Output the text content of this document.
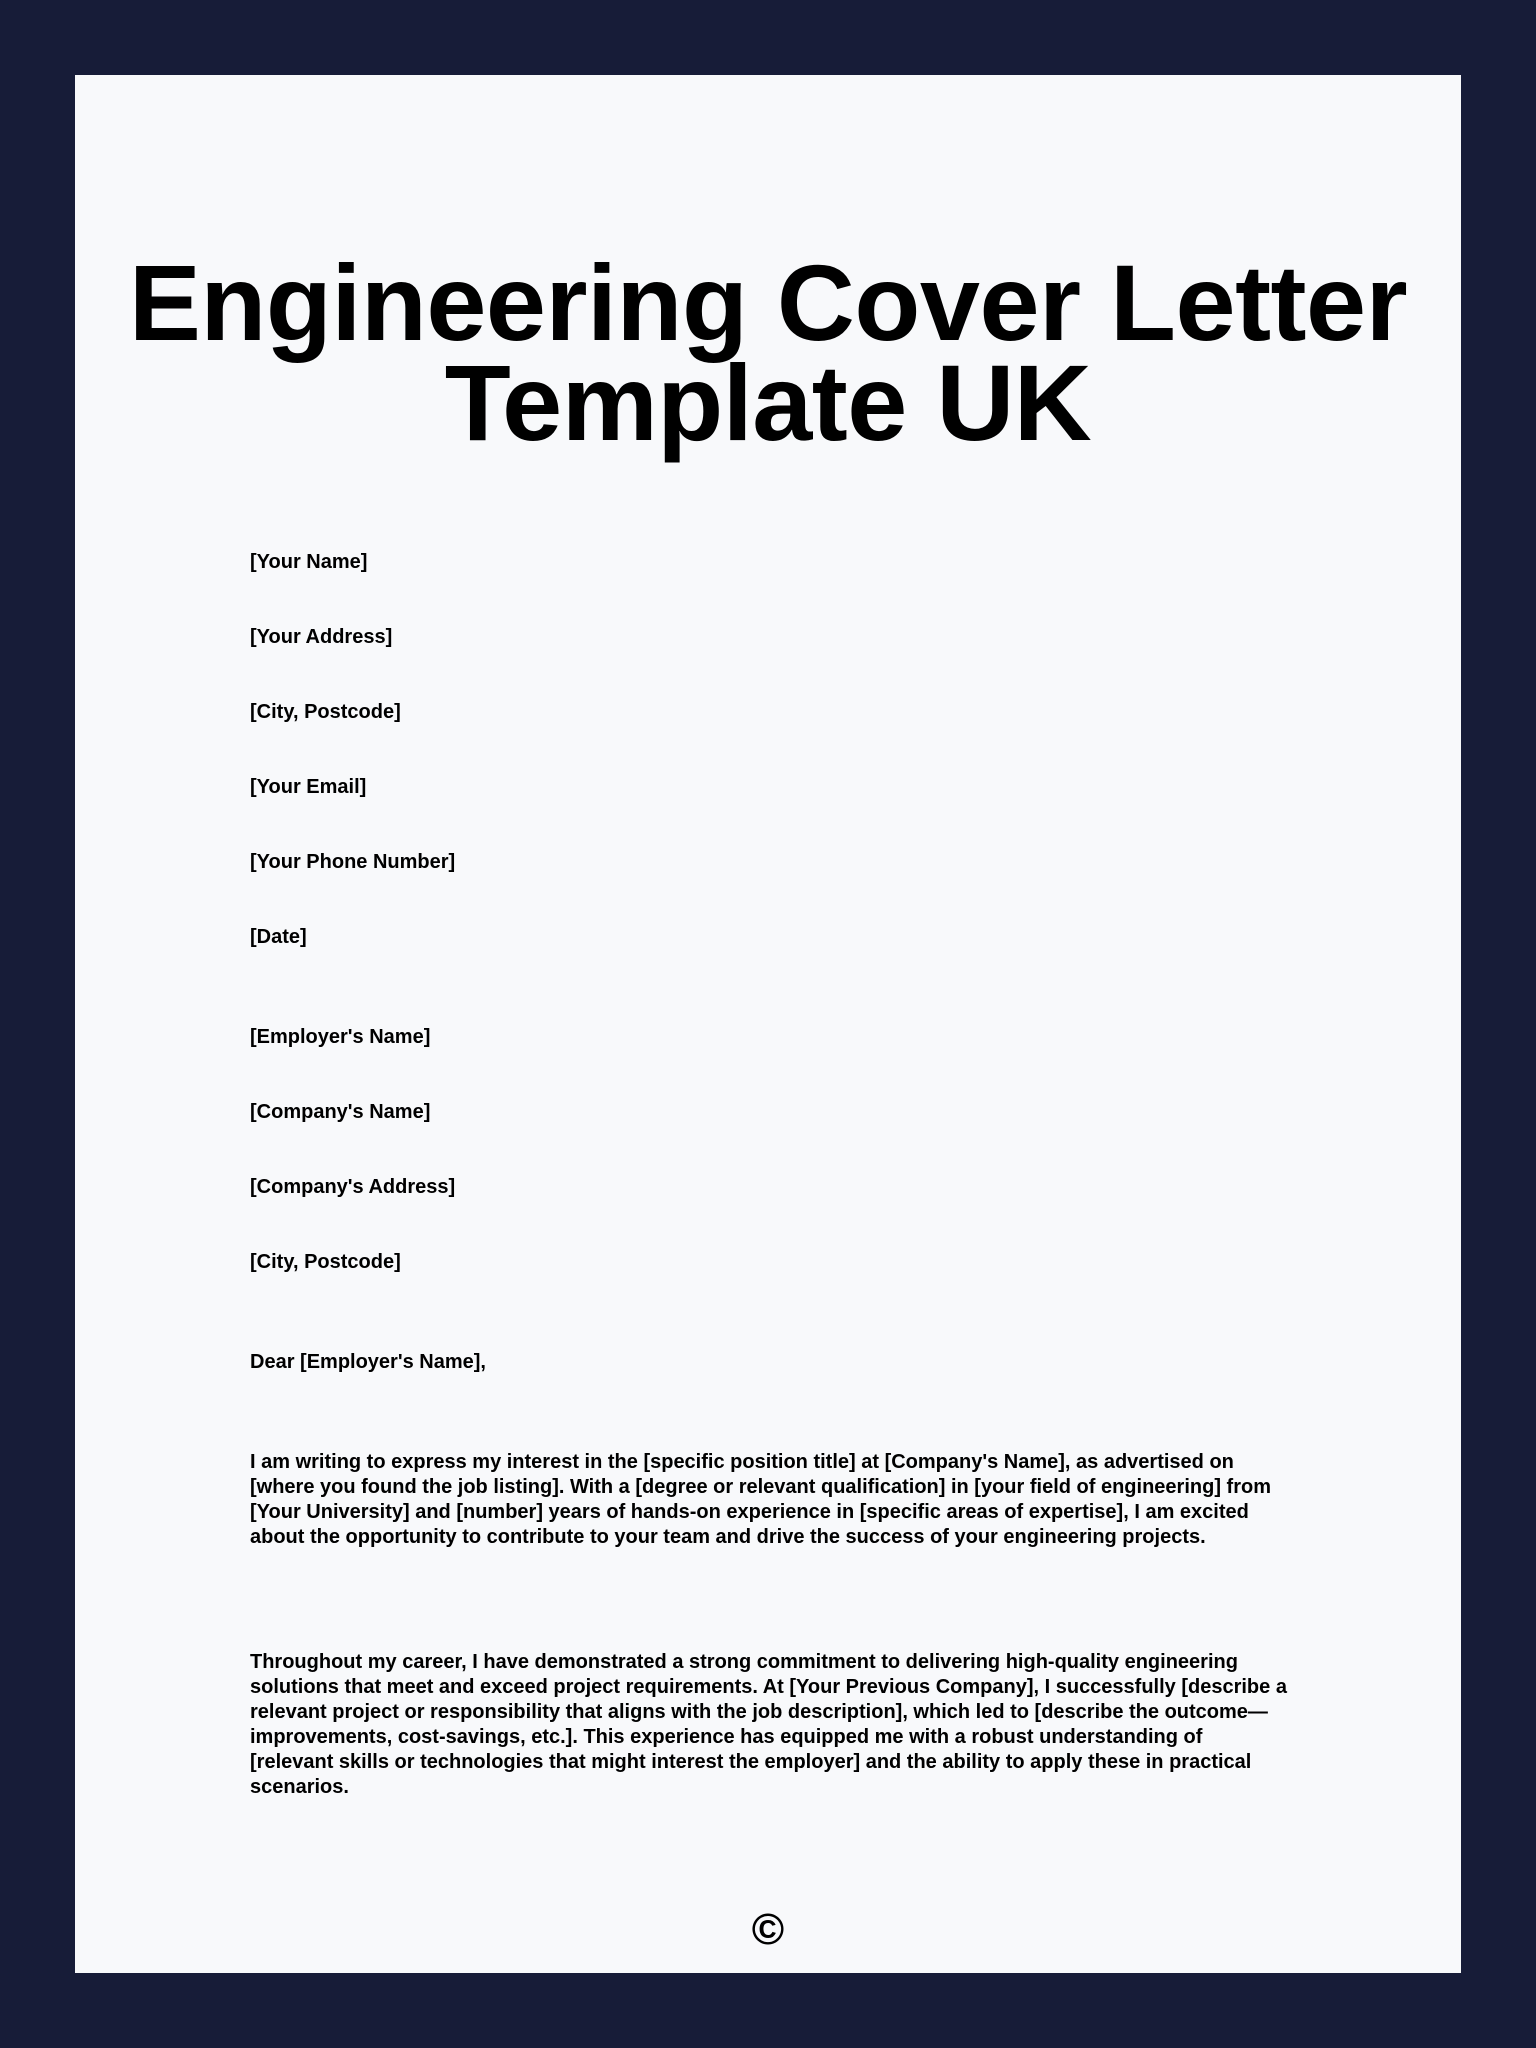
Engineering Cover Letter
Template UK

[Your Name]

[Your Address]

[City, Postcode]

[Your Email]

[Your Phone Number]

[Date]

[Employer's Name]

[Company's Name]

[Company's Address]

[City, Postcode]

Dear [Employer's Name],

I am writing to express my interest in the [specific position title] at [Company's Name], as advertised on [where you found the job listing]. With a [degree or relevant qualification] in [your field of engineering] from [Your University] and [number] years of hands-on experience in [specific areas of expertise], I am excited about the opportunity to contribute to your team and drive the success of your engineering projects.

Throughout my career, I have demonstrated a strong commitment to delivering high-quality engineering solutions that meet and exceed project requirements. At [Your Previous Company], I successfully [describe a relevant project or responsibility that aligns with the job description], which led to [describe the outcome—improvements, cost-savings, etc.]. This experience has equipped me with a robust understanding of [relevant skills or technologies that might interest the employer] and the ability to apply these in practical scenarios.

©
